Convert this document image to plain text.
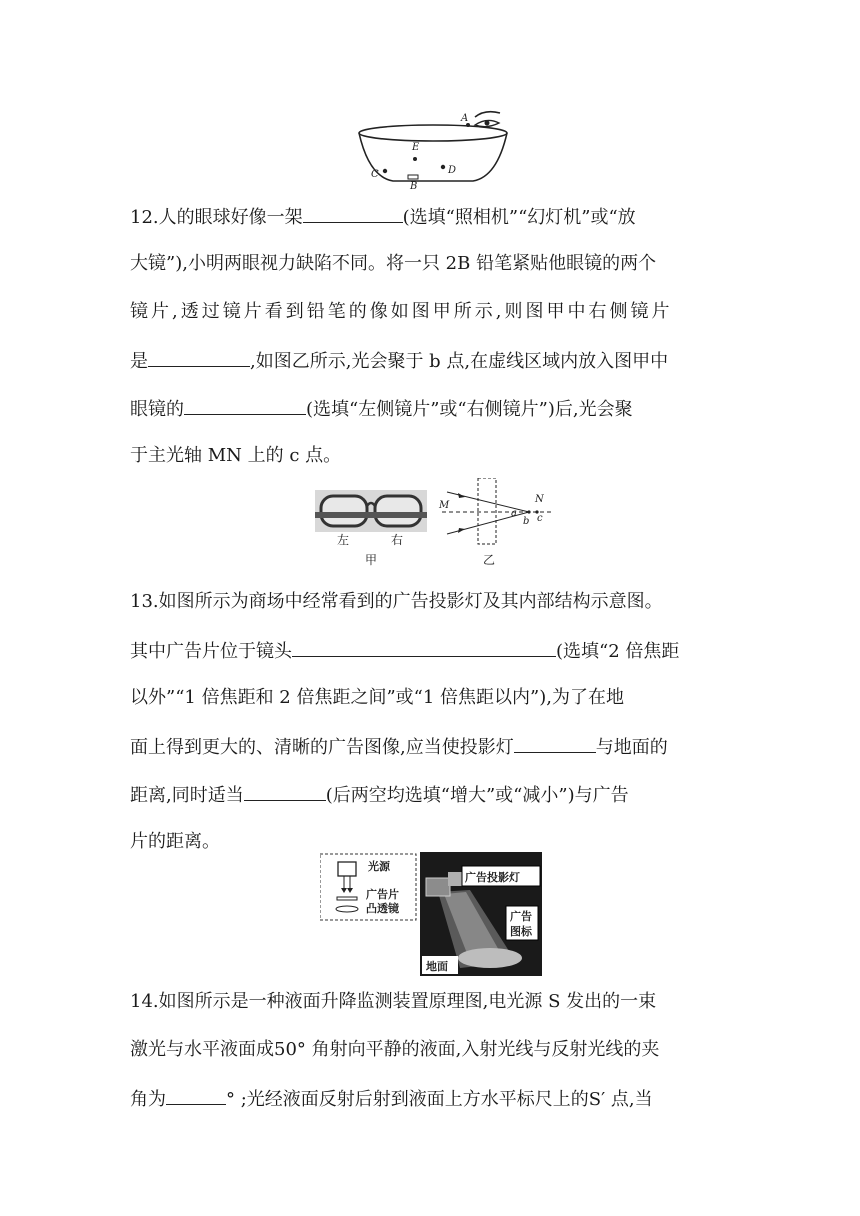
A
E
C
B
D
12.人的眼球好像一架	(选填“照相机”“幻灯机”或“放
大镜”),小明两眼视力缺陷不同。将一只 2B 铅笔紧贴他眼镜的两个
镜片,透过镜片看到铅笔的像如图甲所示,则图甲中右侧镜片
是	,如图乙所示,光会聚于 b 点,在虚线区域内放入图甲中
眼镜的	(选填“左侧镜片”或“右侧镜片”)后,光会聚
于主光轴 MN 上的 c 点。
左	右
甲
M
N
a
b c
乙
13.如图所示为商场中经常看到的广告投影灯及其内部结构示意图。
其中广告片位于镜头	(选填“2 倍焦距
以外”“1 倍焦距和 2 倍焦距之间”或“1 倍焦距以内”),为了在地
面上得到更大的、清晰的广告图像,应当使投影灯	与地面的
距离,同时适当	(后两空均选填“增大”或“减小”)与广告
片的距离。
光源
广告片
凸透镜
广告投影灯
广告
图标
地面
14.如图所示是一种液面升降监测装置原理图,电光源 S 发出的一束
激光与水平液面成50° 角射向平静的液面,入射光线与反射光线的夹
角为	° ;光经液面反射后射到液面上方水平标尺上的S′ 点,当
